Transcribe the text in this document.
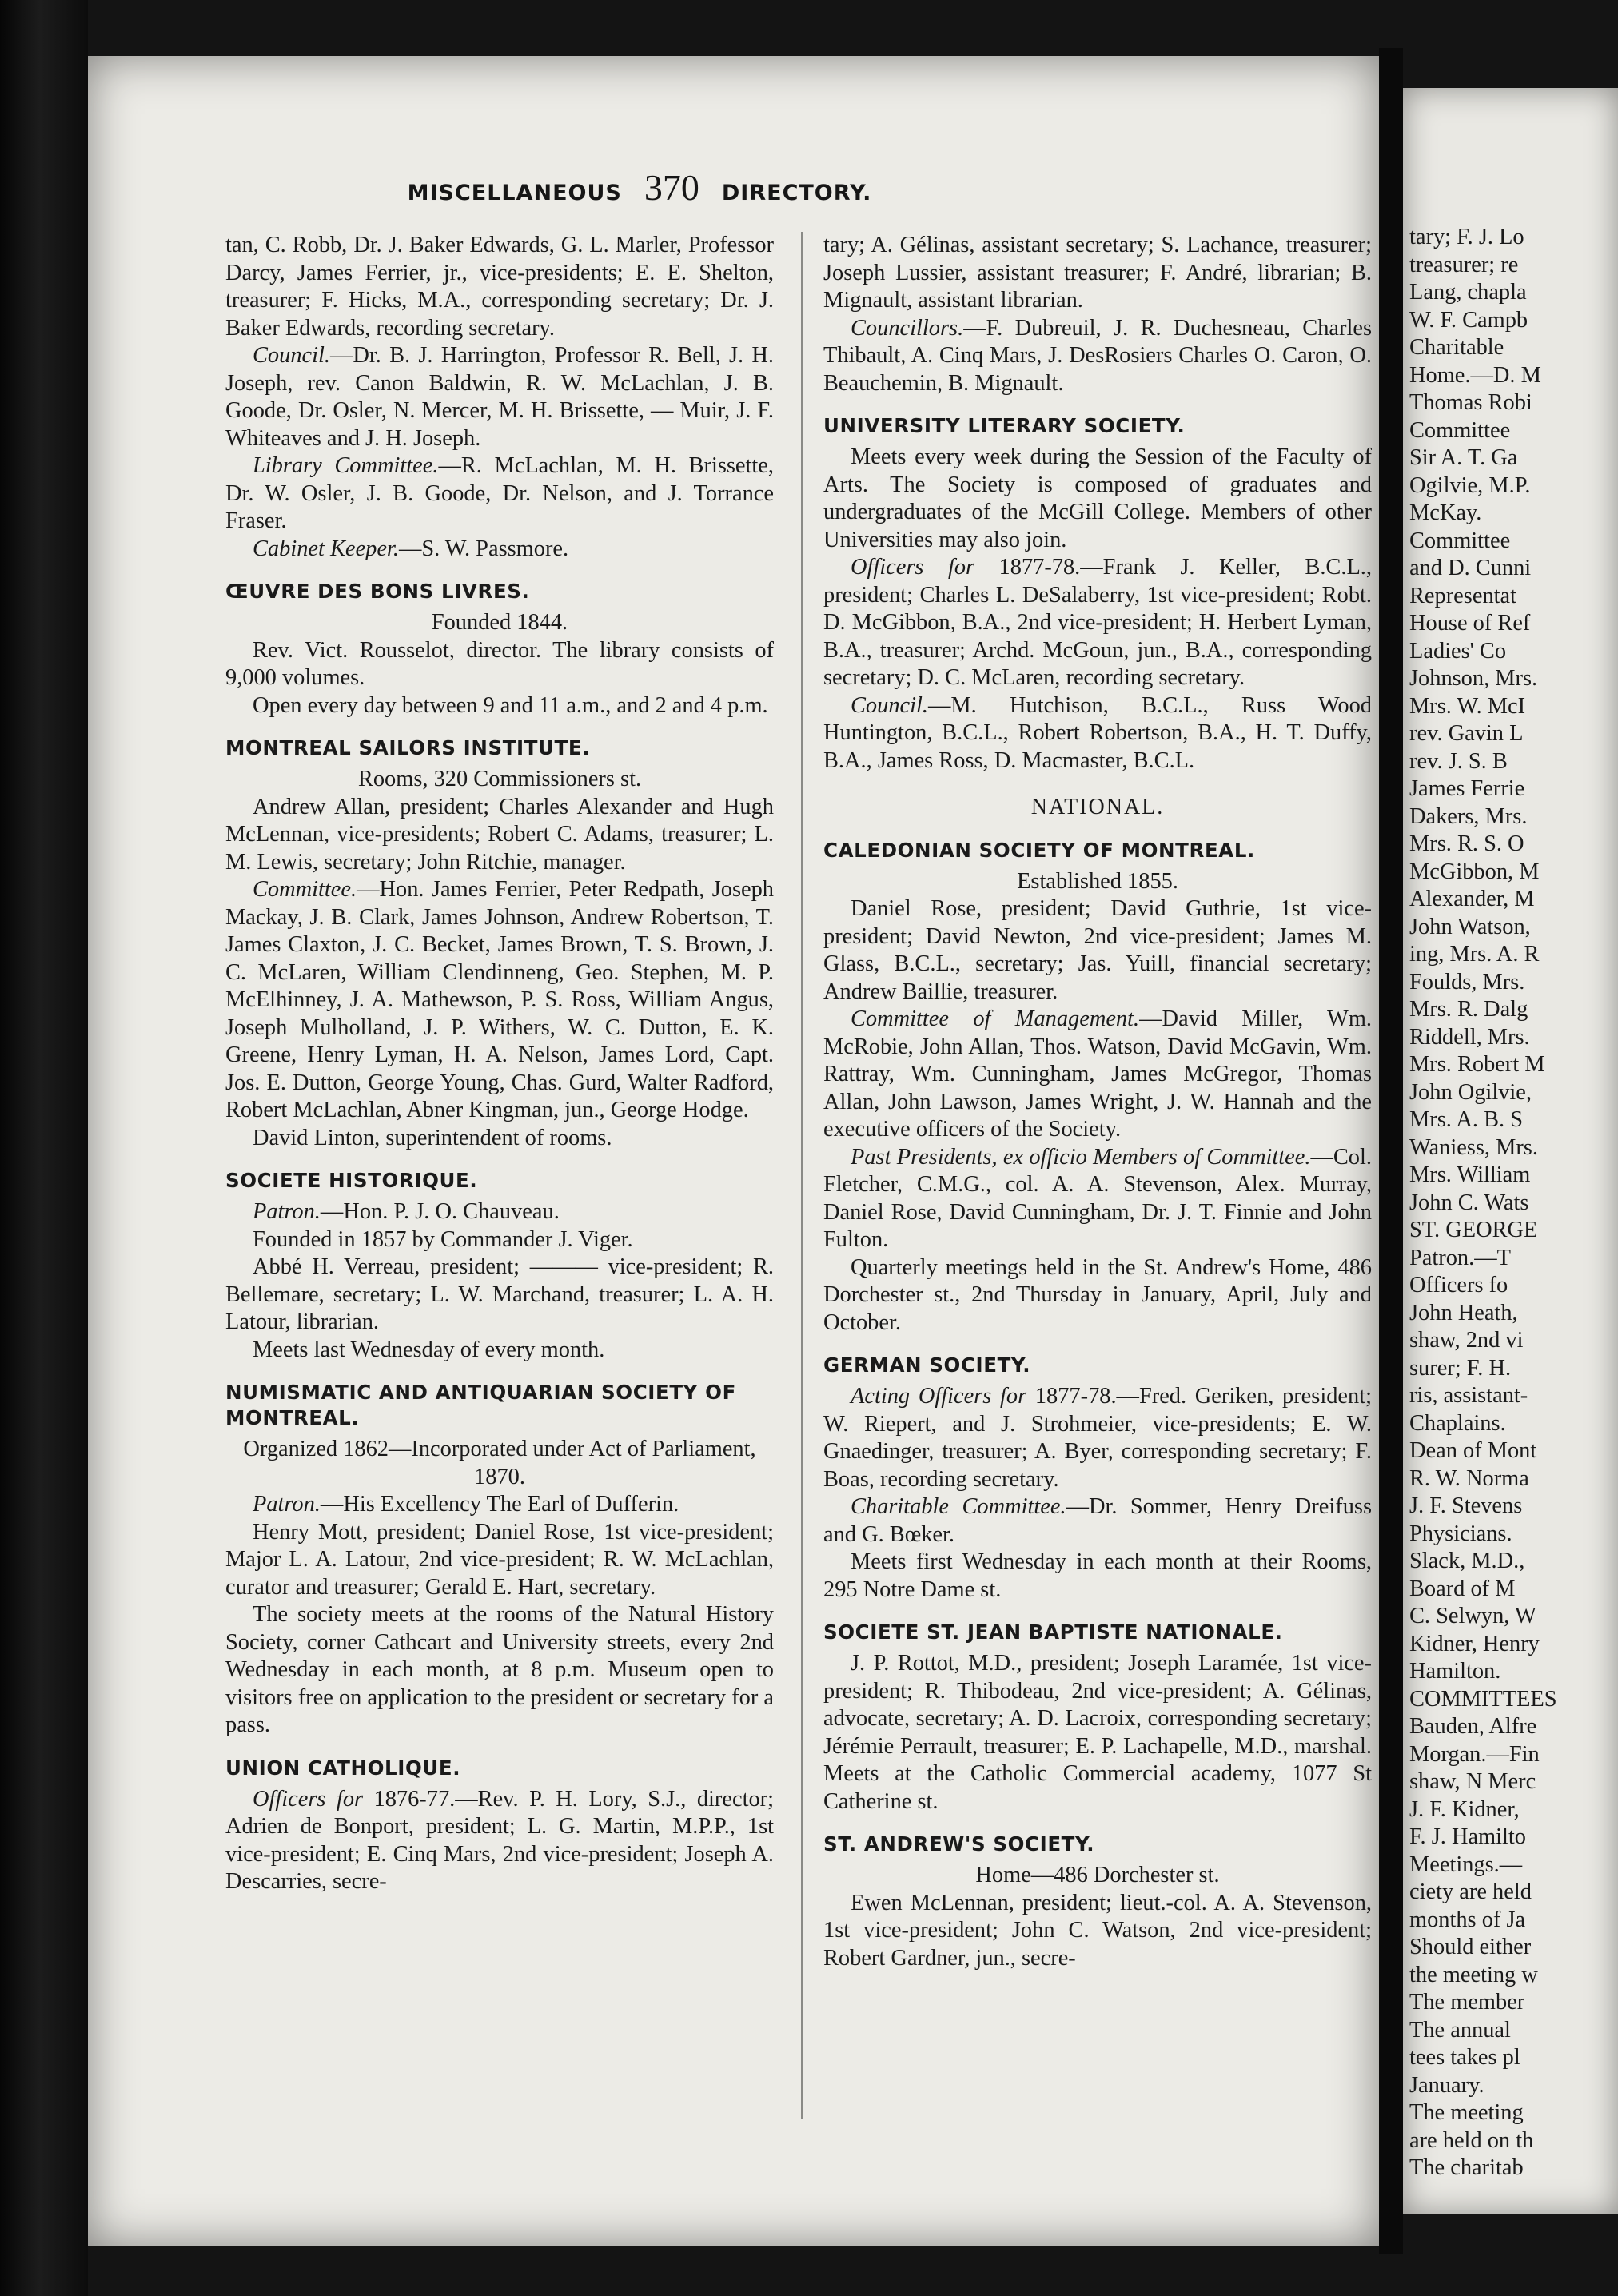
tary; F. J. Lo

treasurer; re

Lang, chapla

W. F. Campb

Charitable

Home.—D. M

Thomas Robi

Committee

Sir A. T. Ga

Ogilvie, M.P.

McKay.

Committee

and D. Cunni

Representat

House of Ref

Ladies' Co

Johnson, Mrs.

Mrs. W. McI

rev. Gavin L

rev. J. S. B

James Ferrie

Dakers, Mrs.

Mrs. R. S. O

McGibbon, M

Alexander, M

John Watson,

ing, Mrs. A. R

Foulds, Mrs.

Mrs. R. Dalg

Riddell, Mrs.

Mrs. Robert M

John Ogilvie,

Mrs. A. B. S

Waniess, Mrs.

Mrs. William

John C. Wats

ST. GEORGE

Patron.—T

Officers fo

John Heath,

shaw, 2nd vi

surer; F. H.

ris, assistant-

Chaplains.

Dean of Mont

R. W. Norma

J. F. Stevens

Physicians.

Slack, M.D.,

Board of M

C. Selwyn, W

Kidner, Henry

Hamilton.

COMMITTEES

Bauden, Alfre

Morgan.—Fin

shaw, N Merc

J. F. Kidner,

F. J. Hamilto

Meetings.—

ciety are held

months of Ja

Should either

the meeting w

The member

The annual

tees takes pl

January.

The meeting

are held on th

The charitab

MISCELLANEOUS 370 DIRECTORY.

tan, C. Robb, Dr. J. Baker Edwards, G. L. Marler, Professor Darcy, James Ferrier, jr., vice-presidents; E. E. Shelton, treasurer; F. Hicks, M.A., corresponding secretary; Dr. J. Baker Edwards, recording secretary.

Council.—Dr. B. J. Harrington, Professor R. Bell, J. H. Joseph, rev. Canon Baldwin, R. W. McLachlan, J. B. Goode, Dr. Osler, N. Mercer, M. H. Brissette, — Muir, J. F. Whiteaves and J. H. Joseph.

Library Committee.—R. McLachlan, M. H. Brissette, Dr. W. Osler, J. B. Goode, Dr. Nelson, and J. Torrance Fraser.

Cabinet Keeper.—S. W. Passmore.

ŒUVRE DES BONS LIVRES.

Founded 1844.

Rev. Vict. Rousselot, director. The library consists of 9,000 volumes.

Open every day between 9 and 11 a.m., and 2 and 4 p.m.

MONTREAL SAILORS INSTITUTE.

Rooms, 320 Commissioners st.

Andrew Allan, president; Charles Alexander and Hugh McLennan, vice-presidents; Robert C. Adams, treasurer; L. M. Lewis, secretary; John Ritchie, manager.

Committee.—Hon. James Ferrier, Peter Redpath, Joseph Mackay, J. B. Clark, James Johnson, Andrew Robertson, T. James Claxton, J. C. Becket, James Brown, T. S. Brown, J. C. McLaren, William Clendinneng, Geo. Stephen, M. P. McElhinney, J. A. Mathewson, P. S. Ross, William Angus, Joseph Mulholland, J. P. Withers, W. C. Dutton, E. K. Greene, Henry Lyman, H. A. Nelson, James Lord, Capt. Jos. E. Dutton, George Young, Chas. Gurd, Walter Radford, Robert McLachlan, Abner Kingman, jun., George Hodge.

David Linton, superintendent of rooms.

SOCIETE HISTORIQUE.

Patron.—Hon. P. J. O. Chauveau.

Founded in 1857 by Commander J. Viger.

Abbé H. Verreau, president; ——— vice-president; R. Bellemare, secretary; L. W. Marchand, treasurer; L. A. H. Latour, librarian.

Meets last Wednesday of every month.

NUMISMATIC AND ANTIQUARIAN SOCIETY OF MONTREAL.

Organized 1862—Incorporated under Act of Parliament, 1870.

Patron.—His Excellency The Earl of Dufferin.

Henry Mott, president; Daniel Rose, 1st vice-president; Major L. A. Latour, 2nd vice-president; R. W. McLachlan, curator and treasurer; Gerald E. Hart, secretary.

The society meets at the rooms of the Natural History Society, corner Cathcart and University streets, every 2nd Wednesday in each month, at 8 p.m. Museum open to visitors free on application to the president or secretary for a pass.

UNION CATHOLIQUE.

Officers for 1876-77.—Rev. P. H. Lory, S.J., director; Adrien de Bonport, president; L. G. Martin, M.P.P., 1st vice-president; E. Cinq Mars, 2nd vice-president; Joseph A. Descarries, secre-

tary; A. Gélinas, assistant secretary; S. Lachance, treasurer; Joseph Lussier, assistant treasurer; F. André, librarian; B. Mignault, assistant librarian.

Councillors.—F. Dubreuil, J. R. Duchesneau, Charles Thibault, A. Cinq Mars, J. DesRosiers Charles O. Caron, O. Beauchemin, B. Mignault.

UNIVERSITY LITERARY SOCIETY.

Meets every week during the Session of the Faculty of Arts. The Society is composed of graduates and undergraduates of the McGill College. Members of other Universities may also join.

Officers for 1877-78.—Frank J. Keller, B.C.L., president; Charles L. DeSalaberry, 1st vice-president; Robt. D. McGibbon, B.A., 2nd vice-president; H. Herbert Lyman, B.A., treasurer; Archd. McGoun, jun., B.A., corresponding secretary; D. C. McLaren, recording secretary.

Council.—M. Hutchison, B.C.L., Russ Wood Huntington, B.C.L., Robert Robertson, B.A., H. T. Duffy, B.A., James Ross, D. Macmaster, B.C.L.

NATIONAL.
CALEDONIAN SOCIETY OF MONTREAL.

Established 1855.

Daniel Rose, president; David Guthrie, 1st vice-president; David Newton, 2nd vice-president; James M. Glass, B.C.L., secretary; Jas. Yuill, financial secretary; Andrew Baillie, treasurer.

Committee of Management.—David Miller, Wm. McRobie, John Allan, Thos. Watson, David McGavin, Wm. Rattray, Wm. Cunningham, James McGregor, Thomas Allan, John Lawson, James Wright, J. W. Hannah and the executive officers of the Society.

Past Presidents, ex officio Members of Committee.—Col. Fletcher, C.M.G., col. A. A. Stevenson, Alex. Murray, Daniel Rose, David Cunningham, Dr. J. T. Finnie and John Fulton.

Quarterly meetings held in the St. Andrew's Home, 486 Dorchester st., 2nd Thursday in January, April, July and October.

GERMAN SOCIETY.

Acting Officers for 1877-78.—Fred. Geriken, president; W. Riepert, and J. Strohmeier, vice-presidents; E. W. Gnaedinger, treasurer; A. Byer, corresponding secretary; F. Boas, recording secretary.

Charitable Committee.—Dr. Sommer, Henry Dreifuss and G. Bœker.

Meets first Wednesday in each month at their Rooms, 295 Notre Dame st.

SOCIETE ST. JEAN BAPTISTE NATIONALE.

J. P. Rottot, M.D., president; Joseph Laramée, 1st vice-president; R. Thibodeau, 2nd vice-president; A. Gélinas, advocate, secretary; A. D. Lacroix, corresponding secretary; Jérémie Perrault, treasurer; E. P. Lachapelle, M.D., marshal. Meets at the Catholic Commercial academy, 1077 St Catherine st.

ST. ANDREW'S SOCIETY.

Home—486 Dorchester st.

Ewen McLennan, president; lieut.-col. A. A. Stevenson, 1st vice-president; John C. Watson, 2nd vice-president; Robert Gardner, jun., secre-
